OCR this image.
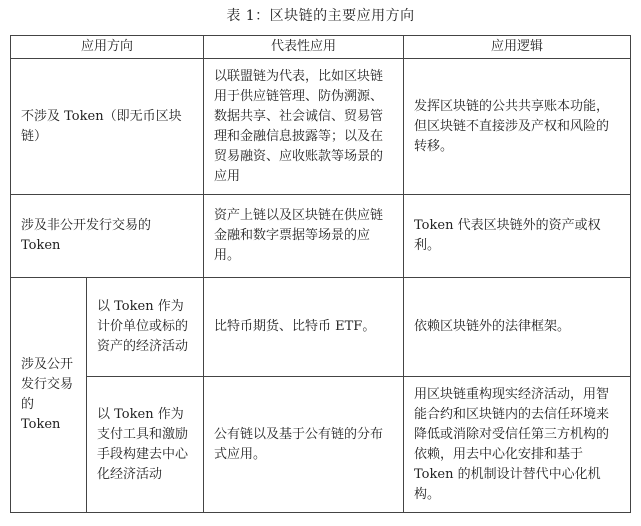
表 1：区块链的主要应用方向
应用方向		代表性应用	应用逻辑
不涉及 Token（即无币区块链）		以联盟链为代表，比如区块链用于供应链管理、防伪溯源、数据共享、社会诚信、贸易管理和金融信息披露等；以及在贸易融资、应收账款等场景的应用	发挥区块链的公共共享账本功能，但区块链不直接涉及产权和风险的转移。
涉及非公开发行交易的 Token		资产上链以及区块链在供应链金融和数字票据等场景的应用。	Token 代表区块链外的资产或权利。
涉及公开发行交易的 Token	以 Token 作为计价单位或标的资产的经济活动	比特币期货、比特币 ETF。	依赖区块链外的法律框架。
	以 Token 作为支付工具和激励手段构建去中心化经济活动	公有链以及基于公有链的分布式应用。	用区块链重构现实经济活动，用智能合约和区块链内的去信任环境来降低或消除对受信任第三方机构的依赖，用去中心化安排和基于 Token 的机制设计替代中心化机构。
